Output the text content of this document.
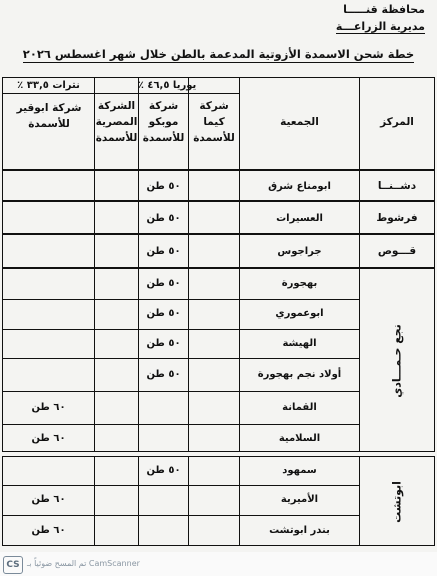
محافظة قنـــــا
مديرية الزراعـــة
خطة شحن الاسمدة الأزوتية المدعمة بالطن خلال شهر اغسطس ٢٠٢٦
المركز
الجمعية
يوريا ٤٦,٥ ٪
شركة كيما للأسمدة
شركة موبكو للأسمدة
الشركة المصرية للأسمدة
نترات ٣٣,٥ ٪
شركة ابوقير للأسمدة
دشــنــا
ابومناع شرق
٥٠ طن
فرشوط
العسيرات
٥٠ طن
قـــوص
جراجوس
٥٠ طن
نجع حـمـــادي
بهجورة
٥٠ طن
ابوعموري
٥٠ طن
الهيشة
٥٠ طن
أولاد نجم بهجورة
٥٠ طن
القمانة
٦٠ طن
السلامية
٦٠ طن
ابوتشت
سمهود
٥٠ طن
الأميرية
٦٠ طن
بندر ابوتشت
٦٠ طن
CS تم المسح ضوئياً بـ CamScanner
